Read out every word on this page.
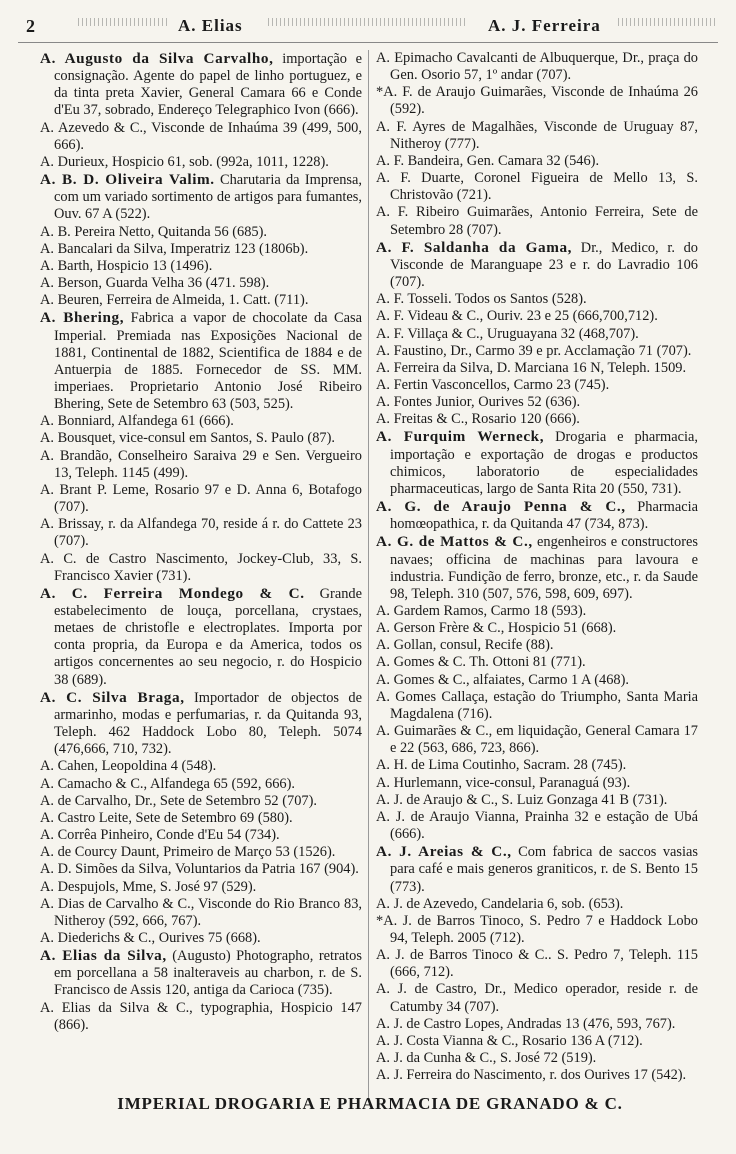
2	A. Elias	A. J. Ferreira

A. Augusto da Silva Carvalho, importação e consignação. Agente do papel de linho portuguez, e da tinta preta Xavier, General Camara 66 e Conde d'Eu 37, sobrado, Endereço Telegraphico Ivon (666).

A. Azevedo & C., Visconde de Inhaúma 39 (499, 500, 666).

A. Durieux, Hospicio 61, sob. (992a, 1011, 1228).

A. B. D. Oliveira Valim. Charutaria da Imprensa, com um variado sortimento de artigos para fumantes, Ouv. 67 A (522).

A. B. Pereira Netto, Quitanda 56 (685).

A. Bancalari da Silva, Imperatriz 123 (1806b).

A. Barth, Hospicio 13 (1496).

A. Berson, Guarda Velha 36 (471. 598).

A. Beuren, Ferreira de Almeida, 1. Catt. (711).

A. Bhering, Fabrica a vapor de chocolate da Casa Imperial. Premiada nas Exposições Nacional de 1881, Continental de 1882, Scientifica de 1884 e de Antuerpia de 1885. Fornecedor de SS. MM. imperiaes. Proprietario Antonio José Ribeiro Bhering, Sete de Setembro 63 (503, 525).

A. Bonniard, Alfandega 61 (666).

A. Bousquet, vice-consul em Santos, S. Paulo (87).

A. Brandão, Conselheiro Saraiva 29 e Sen. Vergueiro 13, Teleph. 1145 (499).

A. Brant P. Leme, Rosario 97 e D. Anna 6, Botafogo (707).

A. Brissay, r. da Alfandega 70, reside á r. do Cattete 23 (707).

A. C. de Castro Nascimento, Jockey-Club, 33, S. Francisco Xavier (731).

A. C. Ferreira Mondego & C. Grande estabelecimento de louça, porcellana, crystaes, metaes de christofle e electroplates. Importa por conta propria, da Europa e da America, todos os artigos concernentes ao seu negocio, r. do Hospicio 38 (689).

A. C. Silva Braga, Importador de objectos de armarinho, modas e perfumarias, r. da Quitanda 93, Teleph. 462 Haddock Lobo 80, Teleph. 5074 (476,666, 710, 732).

A. Cahen, Leopoldina 4 (548).

A. Camacho & C., Alfandega 65 (592, 666).

A. de Carvalho, Dr., Sete de Setembro 52 (707).

A. Castro Leite, Sete de Setembro 69 (580).

A. Corrêa Pinheiro, Conde d'Eu 54 (734).

A. de Courcy Daunt, Primeiro de Março 53 (1526).

A. D. Simões da Silva, Voluntarios da Patria 167 (904).

A. Despujols, Mme, S. José 97 (529).

A. Dias de Carvalho & C., Visconde do Rio Branco 83, Nitheroy (592, 666, 767).

A. Diederichs & C., Ourives 75 (668).

A. Elias da Silva, (Augusto) Photographo, retratos em porcellana a 58 inalteraveis au charbon, r. de S. Francisco de Assis 120, antiga da Carioca (735).

A. Elias da Silva & C., typographia, Hospicio 147 (866).

A. Epimacho Cavalcanti de Albuquerque, Dr., praça do Gen. Osorio 57, 1º andar (707).

*A. F. de Araujo Guimarães, Visconde de Inhaúma 26 (592).

A. F. Ayres de Magalhães, Visconde de Uruguay 87, Nitheroy (777).

A. F. Bandeira, Gen. Camara 32 (546).

A. F. Duarte, Coronel Figueira de Mello 13, S. Christovão (721).

A. F. Ribeiro Guimarães, Antonio Ferreira, Sete de Setembro 28 (707).

A. F. Saldanha da Gama, Dr., Medico, r. do Visconde de Maranguape 23 e r. do Lavradio 106 (707).

A. F. Tosseli. Todos os Santos (528).

A. F. Videau & C., Ouriv. 23 e 25 (666,700,712).

A. F. Villaça & C., Uruguayana 32 (468,707).

A. Faustino, Dr., Carmo 39 e pr. Acclamação 71 (707).

A. Ferreira da Silva, D. Marciana 16 N, Teleph. 1509.

A. Fertin Vasconcellos, Carmo 23 (745).

A. Fontes Junior, Ourives 52 (636).

A. Freitas & C., Rosario 120 (666).

A. Furquim Werneck, Drogaria e pharmacia, importação e exportação de drogas e productos chimicos, laboratorio de especialidades pharmaceuticas, largo de Santa Rita 20 (550, 731).

A. G. de Araujo Penna & C., Pharmacia homœopathica, r. da Quitanda 47 (734, 873).

A. G. de Mattos & C., engenheiros e constructores navaes; officina de machinas para lavoura e industria. Fundição de ferro, bronze, etc., r. da Saude 98, Teleph. 310 (507, 576, 598, 609, 697).

A. Gardem Ramos, Carmo 18 (593).

A. Gerson Frère & C., Hospicio 51 (668).

A. Gollan, consul, Recife (88).

A. Gomes & C. Th. Ottoni 81 (771).

A. Gomes & C., alfaiates, Carmo 1 A (468).

A. Gomes Callaça, estação do Triumpho, Santa Maria Magdalena (716).

A. Guimarães & C., em liquidação, General Camara 17 e 22 (563, 686, 723, 866).

A. H. de Lima Coutinho, Sacram. 28 (745).

A. Hurlemann, vice-consul, Paranaguá (93).

A. J. de Araujo & C., S. Luiz Gonzaga 41 B (731).

A. J. de Araujo Vianna, Prainha 32 e estação de Ubá (666).

A. J. Areias & C., Com fabrica de saccos vasias para café e mais generos graniticos, r. de S. Bento 15 (773).

A. J. de Azevedo, Candelaria 6, sob. (653).

*A. J. de Barros Tinoco, S. Pedro 7 e Haddock Lobo 94, Teleph. 2005 (712).

A. J. de Barros Tinoco & C.. S. Pedro 7, Teleph. 115 (666, 712).

A. J. de Castro, Dr., Medico operador, reside r. de Catumby 34 (707).

A. J. de Castro Lopes, Andradas 13 (476, 593, 767).

A. J. Costa Vianna & C., Rosario 136 A (712).

A. J. da Cunha & C., S. José 72 (519).

A. J. Ferreira do Nascimento, r. dos Ourives 17 (542).

IMPERIAL DROGARIA E PHARMACIA DE GRANADO & C.
